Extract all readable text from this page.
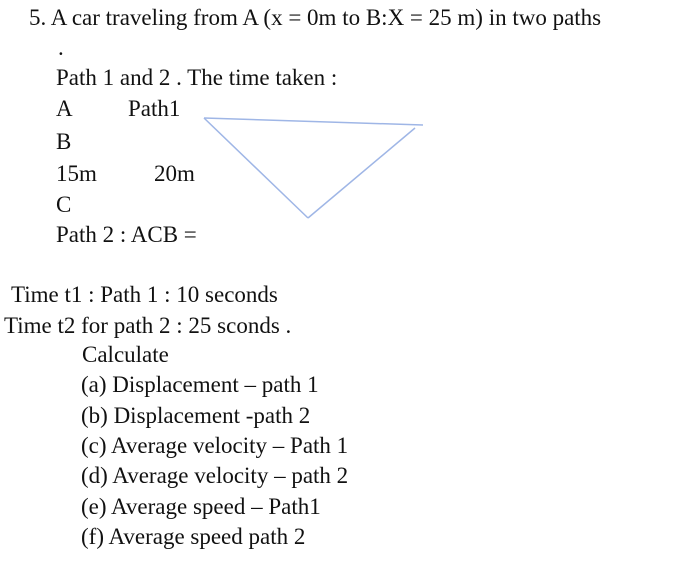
5. A car traveling from A (x = 0m to B:X = 25 m) in two paths
.
Path 1 and 2 . The time taken :
A Path1
B
15m 20m
C
Path 2 : ACB =
Time t1 : Path 1 : 10 seconds
Time t2 for path 2 : 25 sconds .
Calculate
(a) Displacement – path 1
(b) Displacement -path 2
(c) Average velocity – Path 1
(d) Average velocity – path 2
(e) Average speed – Path1
(f) Average speed path 2
